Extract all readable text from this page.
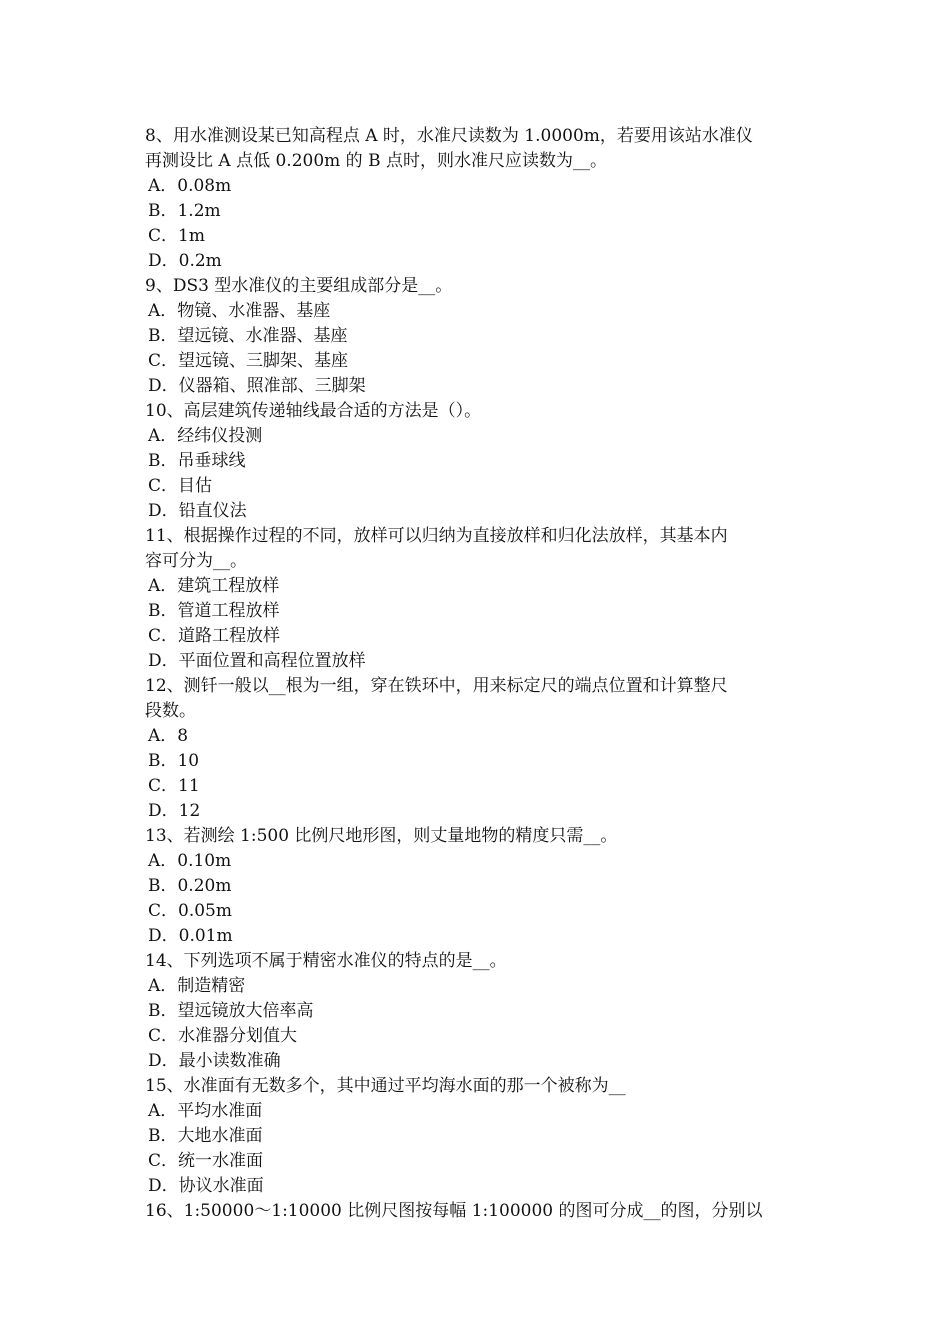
8、用水准测设某已知高程点 A 时，水准尺读数为 1.0000m，若要用该站水准仪
再测设比 A 点低 0.200m 的 B 点时，则水准尺应读数为__。
A．0.08m
B．1.2m
C．1m
D．0.2m
9、DS3 型水准仪的主要组成部分是__。
A．物镜、水准器、基座
B．望远镜、水准器、基座
C．望远镜、三脚架、基座
D．仪器箱、照准部、三脚架
10、高层建筑传递轴线最合适的方法是（）。
A．经纬仪投测
B．吊垂球线
C．目估
D．铅直仪法
11、根据操作过程的不同，放样可以归纳为直接放样和归化法放样，其基本内
容可分为__。
A．建筑工程放样
B．管道工程放样
C．道路工程放样
D．平面位置和高程位置放样
12、测钎一般以__根为一组，穿在铁环中，用来标定尺的端点位置和计算整尺
段数。
A．8
B．10
C．11
D．12
13、若测绘 1:500 比例尺地形图，则丈量地物的精度只需__。
A．0.10m
B．0.20m
C．0.05m
D．0.01m
14、下列选项不属于精密水准仪的特点的是__。
A．制造精密
B．望远镜放大倍率高
C．水准器分划值大
D．最小读数准确
15、水准面有无数多个，其中通过平均海水面的那一个被称为__
A．平均水准面
B．大地水准面
C．统一水准面
D．协议水准面
16、1:50000～1:10000 比例尺图按每幅 1:100000 的图可分成__的图，分别以
